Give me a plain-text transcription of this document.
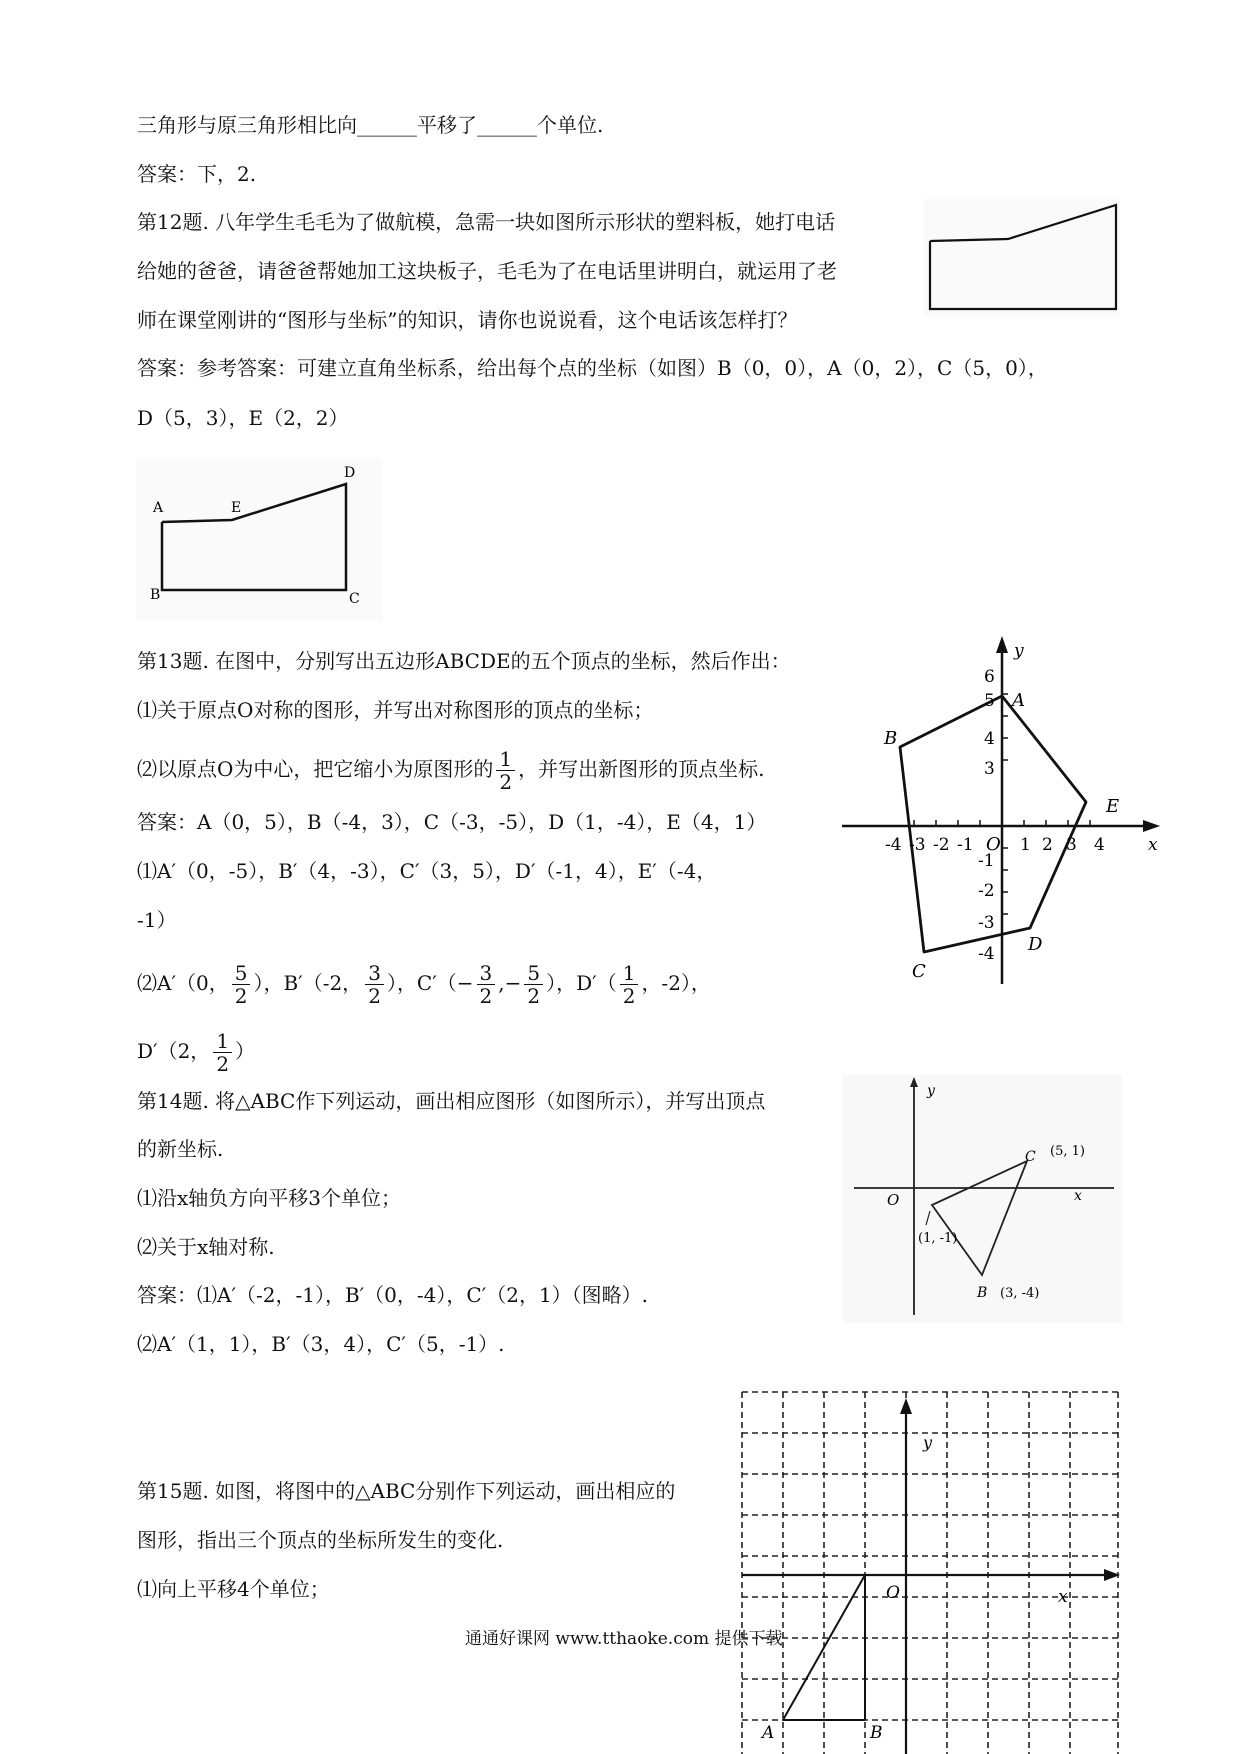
三角形与原三角形相比向______平移了______个单位.
答案：下，2.
第12题. 八年学生毛毛为了做航模，急需一块如图所示形状的塑料板，她打电话
给她的爸爸，请爸爸帮她加工这块板子，毛毛为了在电话里讲明白，就运用了老
师在课堂刚讲的“图形与坐标”的知识，请你也说说看，这个电话该怎样打？
答案：参考答案：可建立直角坐标系，给出每个点的坐标（如图）B（0，0），A（0，2），C（5，0），
D（5，3），E（2，2）
第13题. 在图中，分别写出五边形ABCDE的五个顶点的坐标，然后作出：
⑴关于原点O对称的图形，并写出对称图形的顶点的坐标；
⑵以原点O为中心，把它缩小为原图形的 $\frac{1}{2}$ ，并写出新图形的顶点坐标.
答案：A（0，5），B（-4，3），C（-3，-5），D（1，-4），E（4，1）
⑴A′（0，-5），B′（4，-3），C′（3，5），D′（-1，4），E′（-4，
-1）
⑵A′（0， $\frac{5}{2}$ ），B′（-2， $\frac{3}{2}$ ），$C'(- \frac{3}{2}$ ,− $\frac{5}{2}$ ），$D'( \frac{1}{2}$ ，-2），
D′（2， $\frac{1}{2}$ ）
第14题. 将△ABC作下列运动，画出相应图形（如图所示），并写出顶点
的新坐标.
⑴沿x轴负方向平移3个单位；
⑵关于x轴对称.
答案：⑴A′（-2，-1），B′（0，-4），C′（2，1）（图略）.
⑵A′（1，1），B′（3，4），C′（5，-1）.
第15题. 如图，将图中的△ABC分别作下列运动，画出相应的
图形，指出三个顶点的坐标所发生的变化.
⑴向上平移4个单位；
通通好课网 www.tthaoke.com 提供下载
A	E
D
B	C
y
x
O
A
B
C
D
E
-4 -3 -2 -1	1 2 3 4
6
5
4
3
-1
-2
-3
-4
y
x
O
C (5, 1)
(1, -1)
B (3, -4)
y
x
O
A	B
